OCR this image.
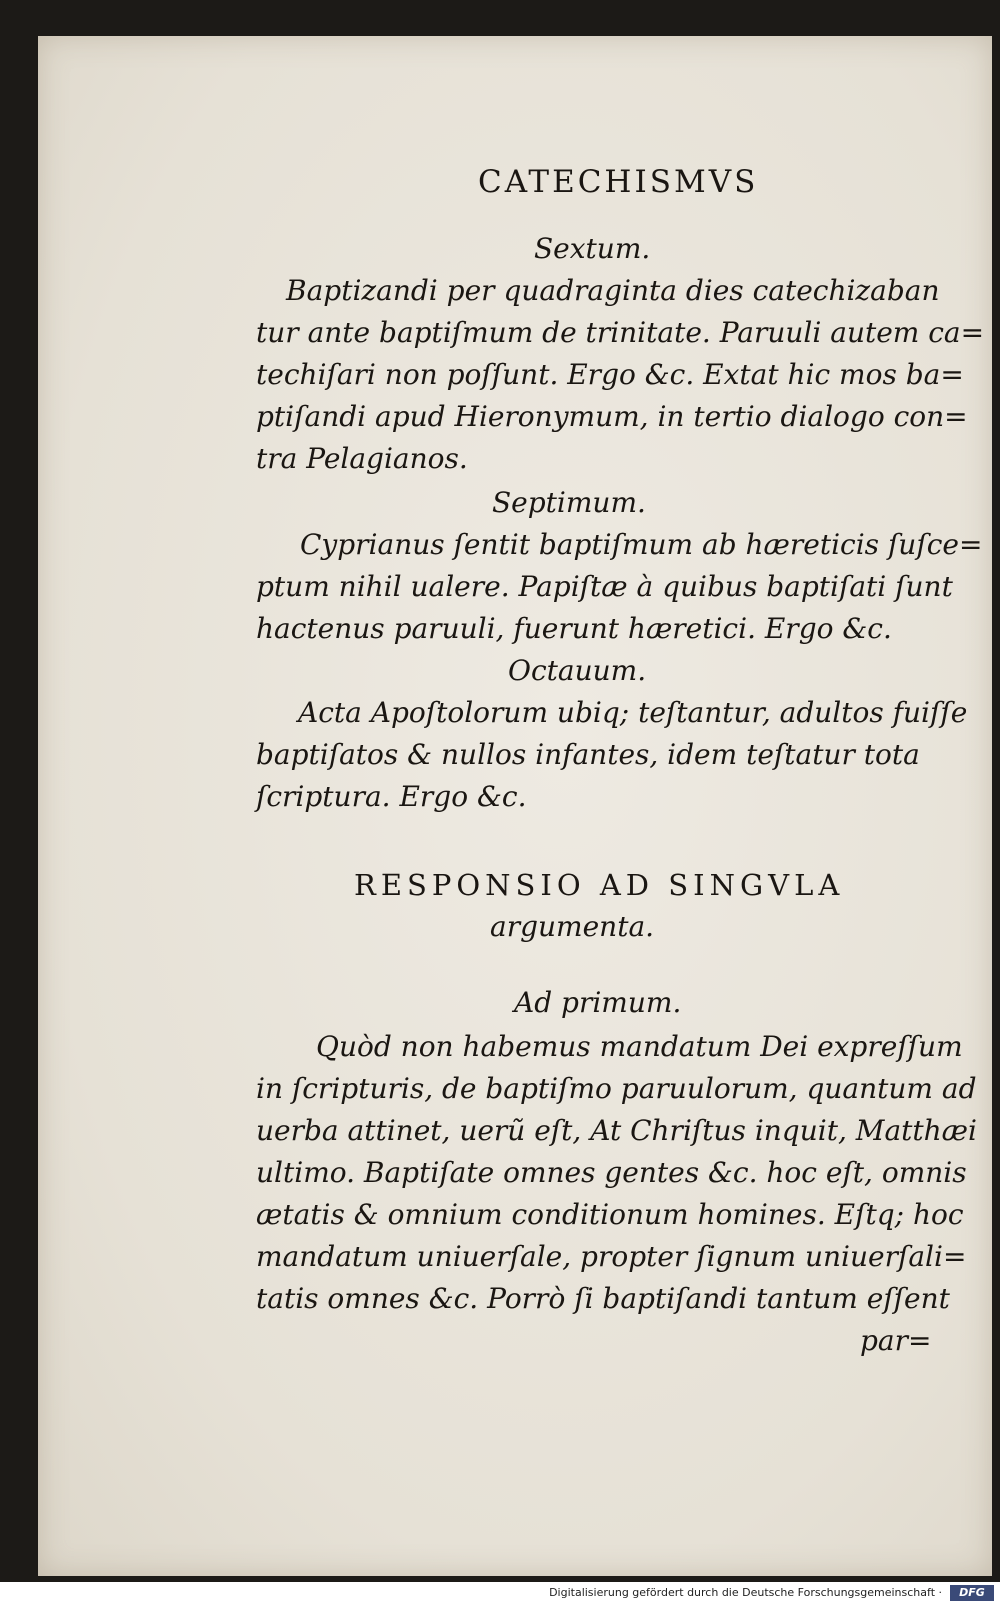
CATECHISMVS

Sextum.

Baptizandi per quadraginta dies catechizaban

tur ante baptiſmum de trinitate. Paruuli autem ca=

techiſari non poſſunt. Ergo &c. Extat hic mos ba=

ptiſandi apud Hieronymum, in tertio dialogo con=

tra Pelagianos.

Septimum.

Cyprianus ſentit baptiſmum ab hæreticis ſuſce=

ptum nihil ualere. Papiſtæ à quibus baptiſati ſunt

hactenus paruuli, fuerunt hæretici. Ergo &c.

Octauum.

Acta Apoſtolorum ubiq; teſtantur, adultos fuiſſe

baptiſatos & nullos infantes, idem teſtatur tota

ſcriptura. Ergo &c.

RESPONSIO AD SINGVLA

argumenta.

Ad primum.

Quòd non habemus mandatum Dei expreſſum

in ſcripturis, de baptiſmo paruulorum, quantum ad

uerba attinet, uerũ eſt, At Chriſtus inquit, Matthæi

ultimo. Baptiſate omnes gentes &c. hoc eſt, omnis

ætatis & omnium conditionum homines. Eſtq; hoc

mandatum uniuerſale, propter ſignum uniuerſali=

tatis omnes &c. Porrò ſi baptiſandi tantum eſſent

par=

Digitalisierung gefördert durch die Deutsche Forschungsgemeinschaft ·	DFG
